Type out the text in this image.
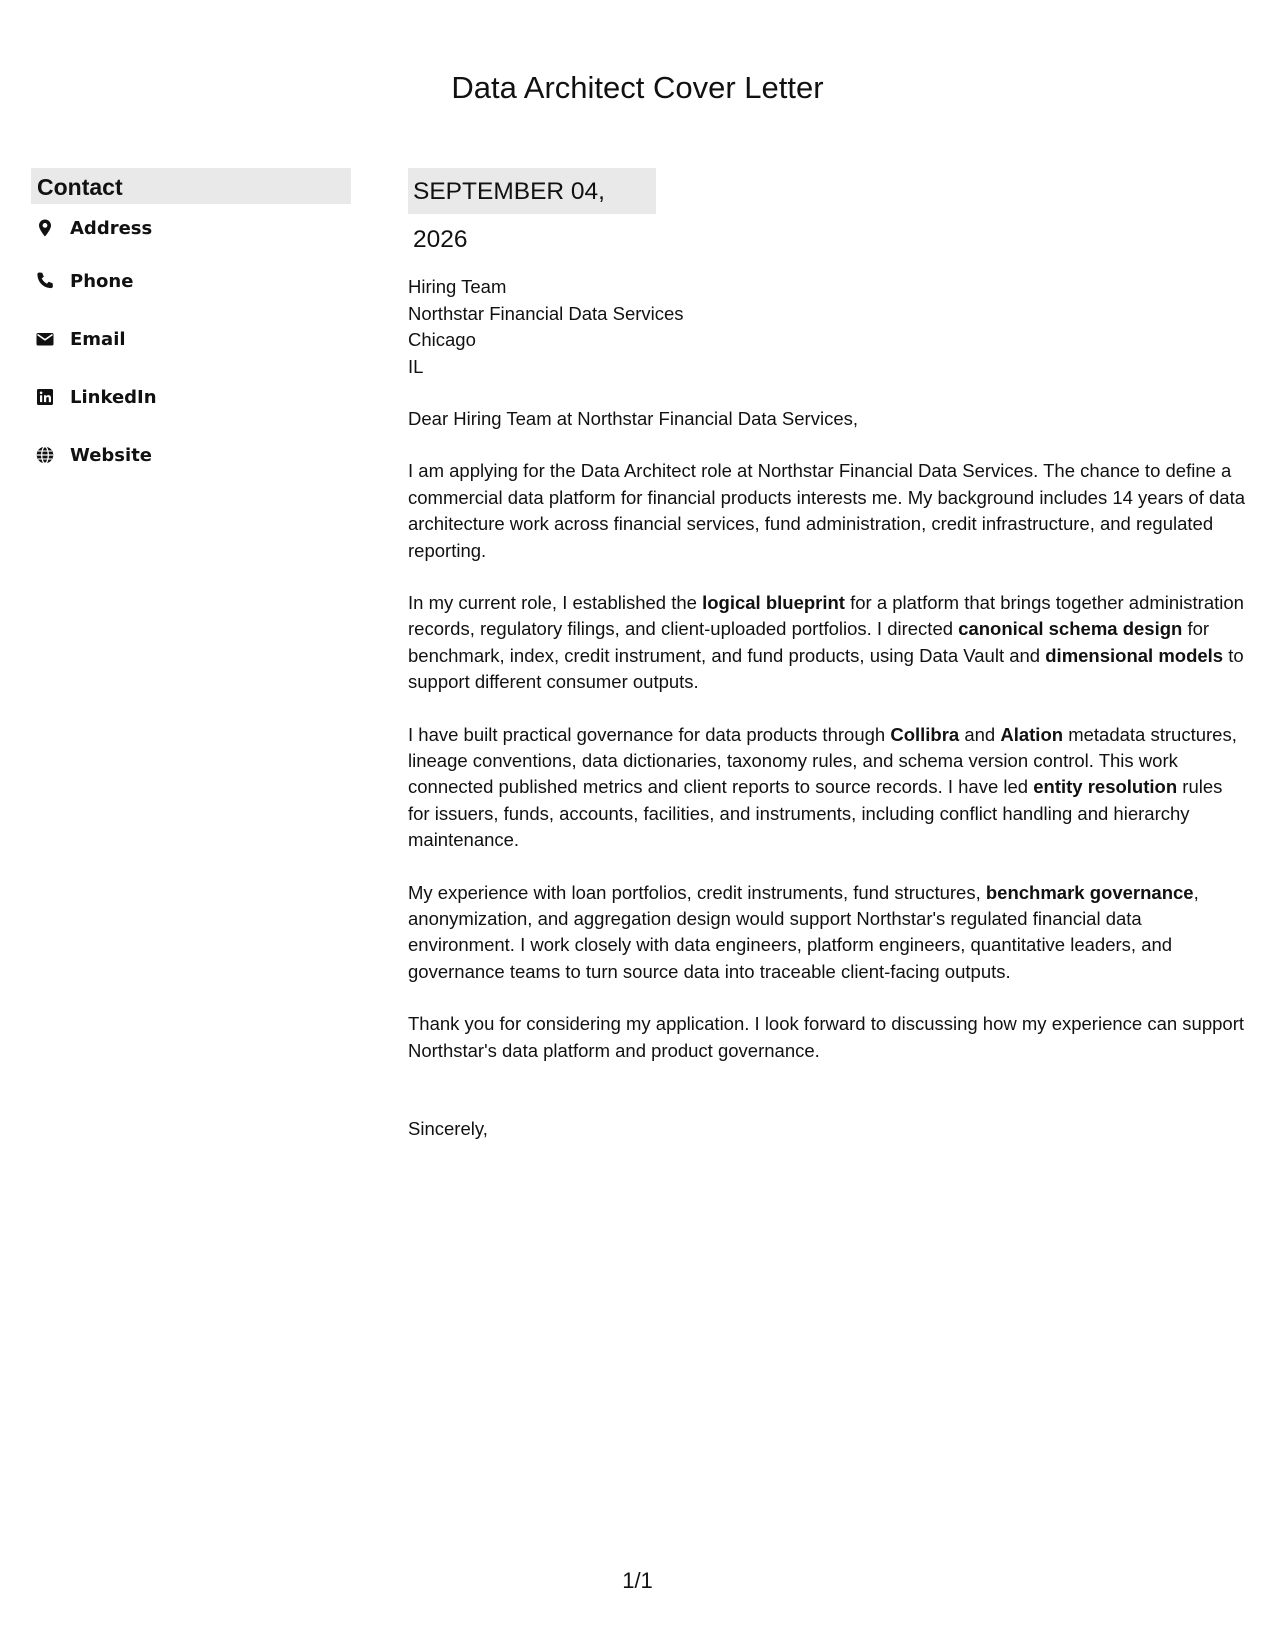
Data Architect Cover Letter
Contact
Address
Phone
Email
LinkedIn
Website
SEPTEMBER 04, 2026
Hiring Team
Northstar Financial Data Services
Chicago
IL

Dear Hiring Team at Northstar Financial Data Services,

I am applying for the Data Architect role at Northstar Financial Data Services. The chance to define a commercial data platform for financial products interests me. My background includes 14 years of data architecture work across financial services, fund administration, credit infrastructure, and regulated reporting.

In my current role, I established the logical blueprint for a platform that brings together administration records, regulatory filings, and client-uploaded portfolios. I directed canonical schema design for benchmark, index, credit instrument, and fund products, using Data Vault and dimensional models to support different consumer outputs.

I have built practical governance for data products through Collibra and Alation metadata structures, lineage conventions, data dictionaries, taxonomy rules, and schema version control. This work connected published metrics and client reports to source records. I have led entity resolution rules for issuers, funds, accounts, facilities, and instruments, including conflict handling and hierarchy maintenance.

My experience with loan portfolios, credit instruments, fund structures, benchmark governance, anonymization, and aggregation design would support Northstar's regulated financial data environment. I work closely with data engineers, platform engineers, quantitative leaders, and governance teams to turn source data into traceable client-facing outputs.

Thank you for considering my application. I look forward to discussing how my experience can support Northstar's data platform and product governance.

Sincerely,

1/1
